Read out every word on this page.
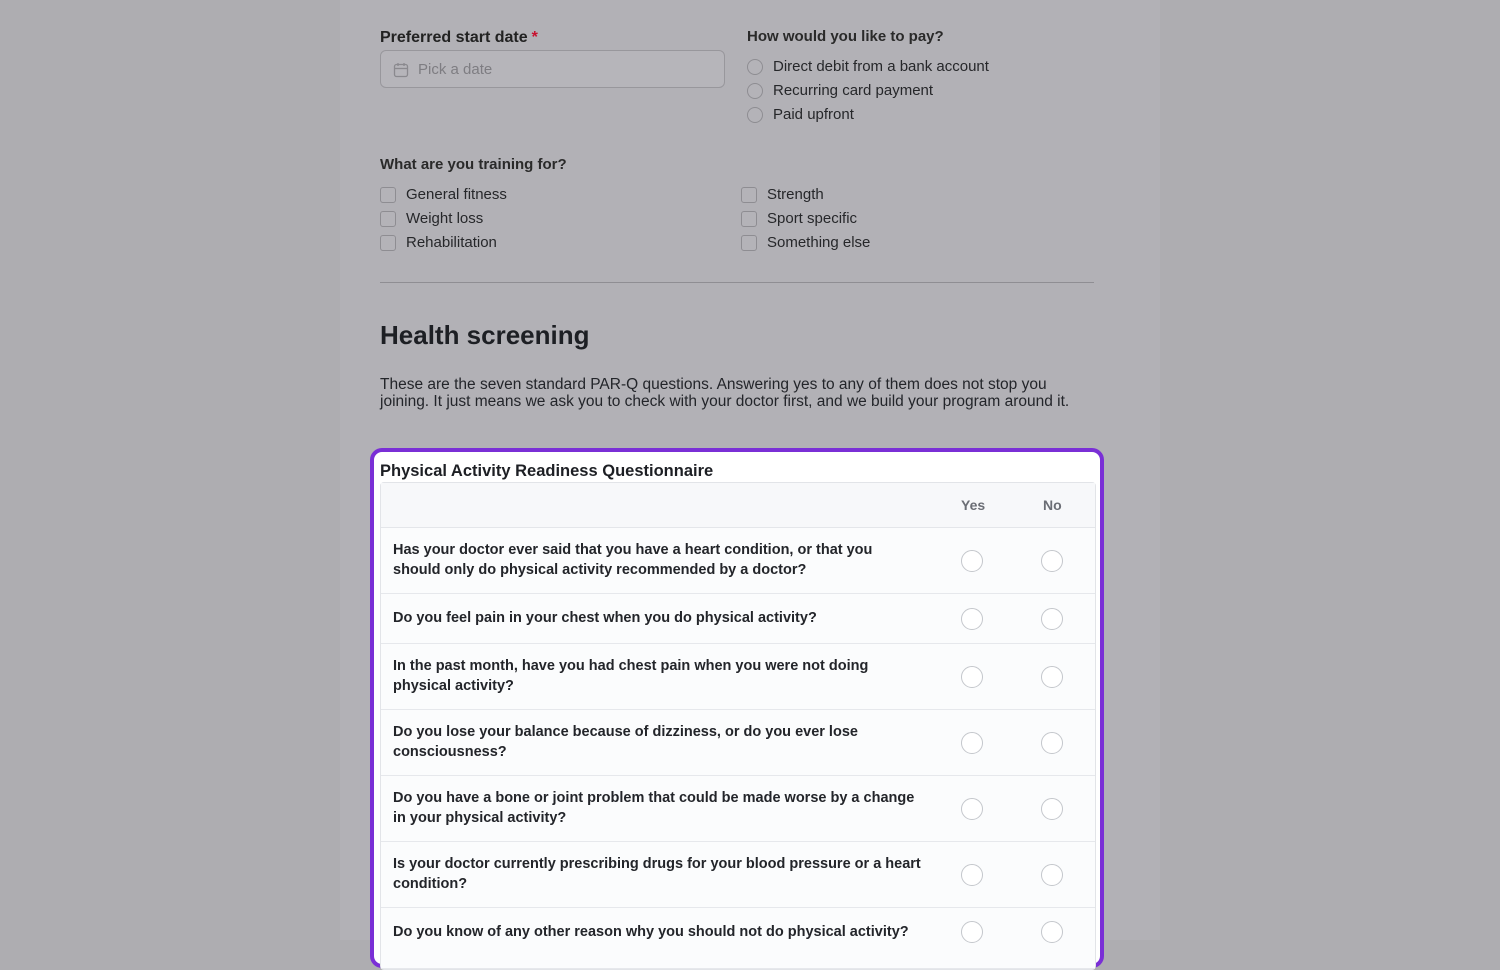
Preferred start date *
Pick a date
How would you like to pay?
Direct debit from a bank account
Recurring card payment
Paid upfront
What are you training for?
General fitness
Weight loss
Rehabilitation
Strength
Sport specific
Something else
Health screening

These are the seven standard PAR-Q questions. Answering yes to any of them does not stop you joining. It just means we ask you to check with your doctor first, and we build your program around it.

Physical Activity Readiness Questionnaire
Yes	No
Has your doctor ever said that you have a heart condition, or that you should only do physical activity recommended by a doctor?
Do you feel pain in your chest when you do physical activity?
In the past month, have you had chest pain when you were not doing physical activity?
Do you lose your balance because of dizziness, or do you ever lose consciousness?
Do you have a bone or joint problem that could be made worse by a change in your physical activity?
Is your doctor currently prescribing drugs for your blood pressure or a heart condition?
Do you know of any other reason why you should not do physical activity?
